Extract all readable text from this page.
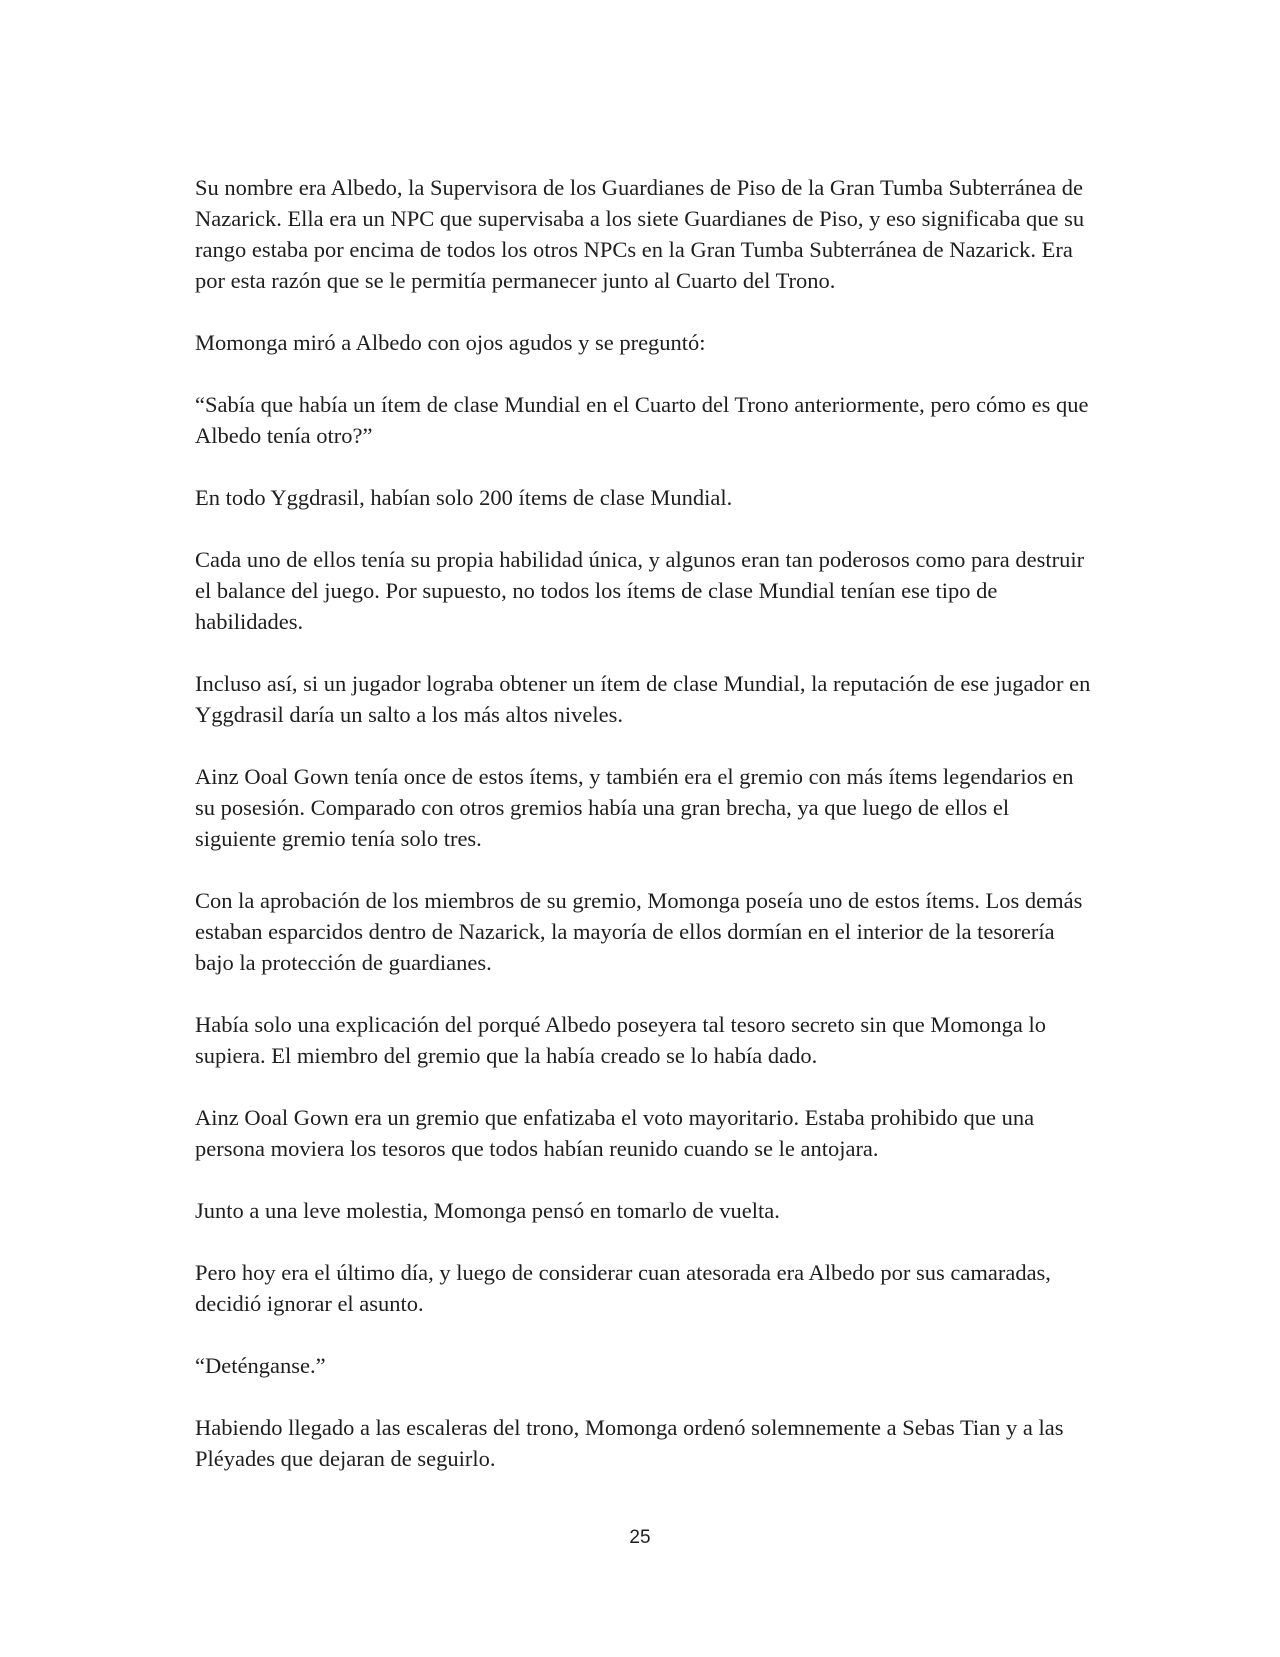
Su nombre era Albedo, la Supervisora de los Guardianes de Piso de la Gran Tumba Subterránea de Nazarick. Ella era un NPC que supervisaba a los siete Guardianes de Piso, y eso significaba que su rango estaba por encima de todos los otros NPCs en la Gran Tumba Subterránea de Nazarick. Era por esta razón que se le permitía permanecer junto al Cuarto del Trono.

Momonga miró a Albedo con ojos agudos y se preguntó:

“Sabía que había un ítem de clase Mundial en el Cuarto del Trono anteriormente, pero cómo es que Albedo tenía otro?”

En todo Yggdrasil, habían solo 200 ítems de clase Mundial.

Cada uno de ellos tenía su propia habilidad única, y algunos eran tan poderosos como para destruir el balance del juego. Por supuesto, no todos los ítems de clase Mundial tenían ese tipo de habilidades.

Incluso así, si un jugador lograba obtener un ítem de clase Mundial, la reputación de ese jugador en Yggdrasil daría un salto a los más altos niveles.

Ainz Ooal Gown tenía once de estos ítems, y también era el gremio con más ítems legendarios en su posesión. Comparado con otros gremios había una gran brecha, ya que luego de ellos el siguiente gremio tenía solo tres.

Con la aprobación de los miembros de su gremio, Momonga poseía uno de estos ítems. Los demás estaban esparcidos dentro de Nazarick, la mayoría de ellos dormían en el interior de la tesorería bajo la protección de guardianes.

Había solo una explicación del porqué Albedo poseyera tal tesoro secreto sin que Momonga lo supiera. El miembro del gremio que la había creado se lo había dado.

Ainz Ooal Gown era un gremio que enfatizaba el voto mayoritario. Estaba prohibido que una persona moviera los tesoros que todos habían reunido cuando se le antojara.

Junto a una leve molestia, Momonga pensó en tomarlo de vuelta.

Pero hoy era el último día, y luego de considerar cuan atesorada era Albedo por sus camaradas, decidió ignorar el asunto.

“Deténganse.”

Habiendo llegado a las escaleras del trono, Momonga ordenó solemnemente a Sebas Tian y a las Pléyades que dejaran de seguirlo.

25
